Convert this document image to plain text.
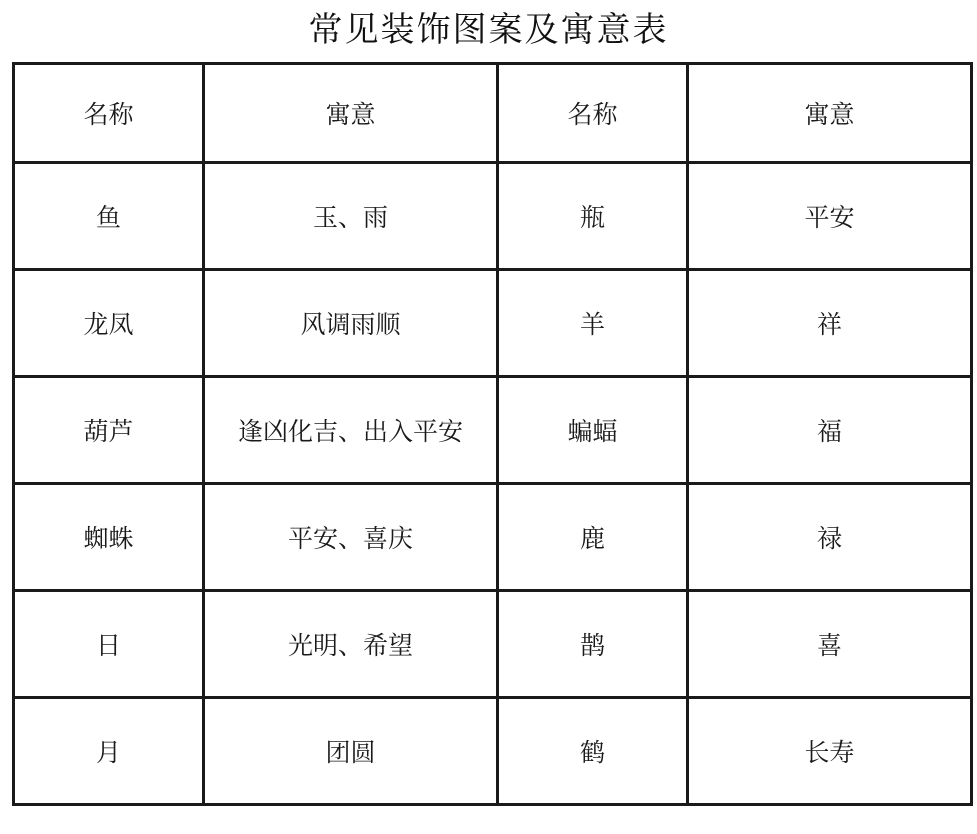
常见装饰图案及寓意表
名称	寓意	名称	寓意
鱼	玉、雨	瓶	平安
龙凤	风调雨顺	羊	祥
葫芦	逢凶化吉、出入平安	蝙蝠	福
蜘蛛	平安、喜庆	鹿	禄
日	光明、希望	鹊	喜
月	团圆	鹤	长寿
